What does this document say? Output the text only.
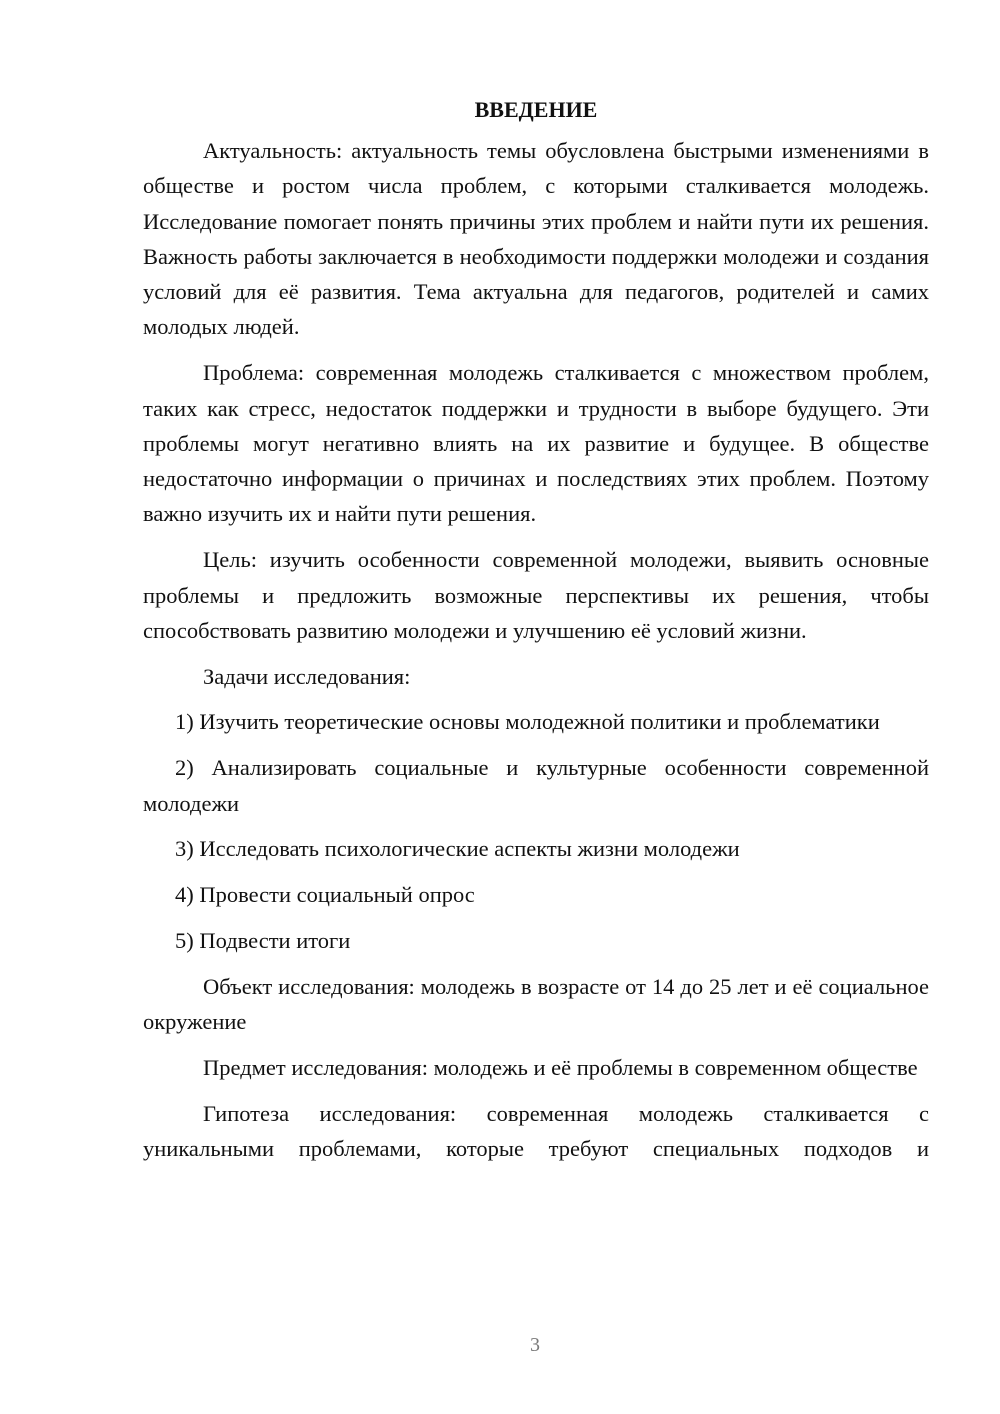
ВВЕДЕНИЕ

Актуальность: актуальность темы обусловлена быстрыми изменениями в обществе и ростом числа проблем, с которыми сталкивается молодежь. Исследование помогает понять причины этих проблем и найти пути их решения. Важность работы заключается в необходимости поддержки молодежи и создания условий для её развития. Тема актуальна для педагогов, родителей и самих молодых людей.

Проблема: современная молодежь сталкивается с множеством проблем, таких как стресс, недостаток поддержки и трудности в выборе будущего. Эти проблемы могут негативно влиять на их развитие и будущее. В обществе недостаточно информации о причинах и последствиях этих проблем. Поэтому важно изучить их и найти пути решения.

Цель: изучить особенности современной молодежи, выявить основные проблемы и предложить возможные перспективы их решения, чтобы способствовать развитию молодежи и улучшению её условий жизни.

Задачи исследования:

1) Изучить теоретические основы молодежной политики и проблематики

2) Анализировать социальные и культурные особенности современной молодежи

3) Исследовать психологические аспекты жизни молодежи

4) Провести социальный опрос

5) Подвести итоги

Объект исследования: молодежь в возрасте от 14 до 25 лет и её социальное окружение

Предмет исследования: молодежь и её проблемы в современном обществе

Гипотеза исследования: современная молодежь сталкивается с уникальными проблемами, которые требуют специальных подходов и

3
